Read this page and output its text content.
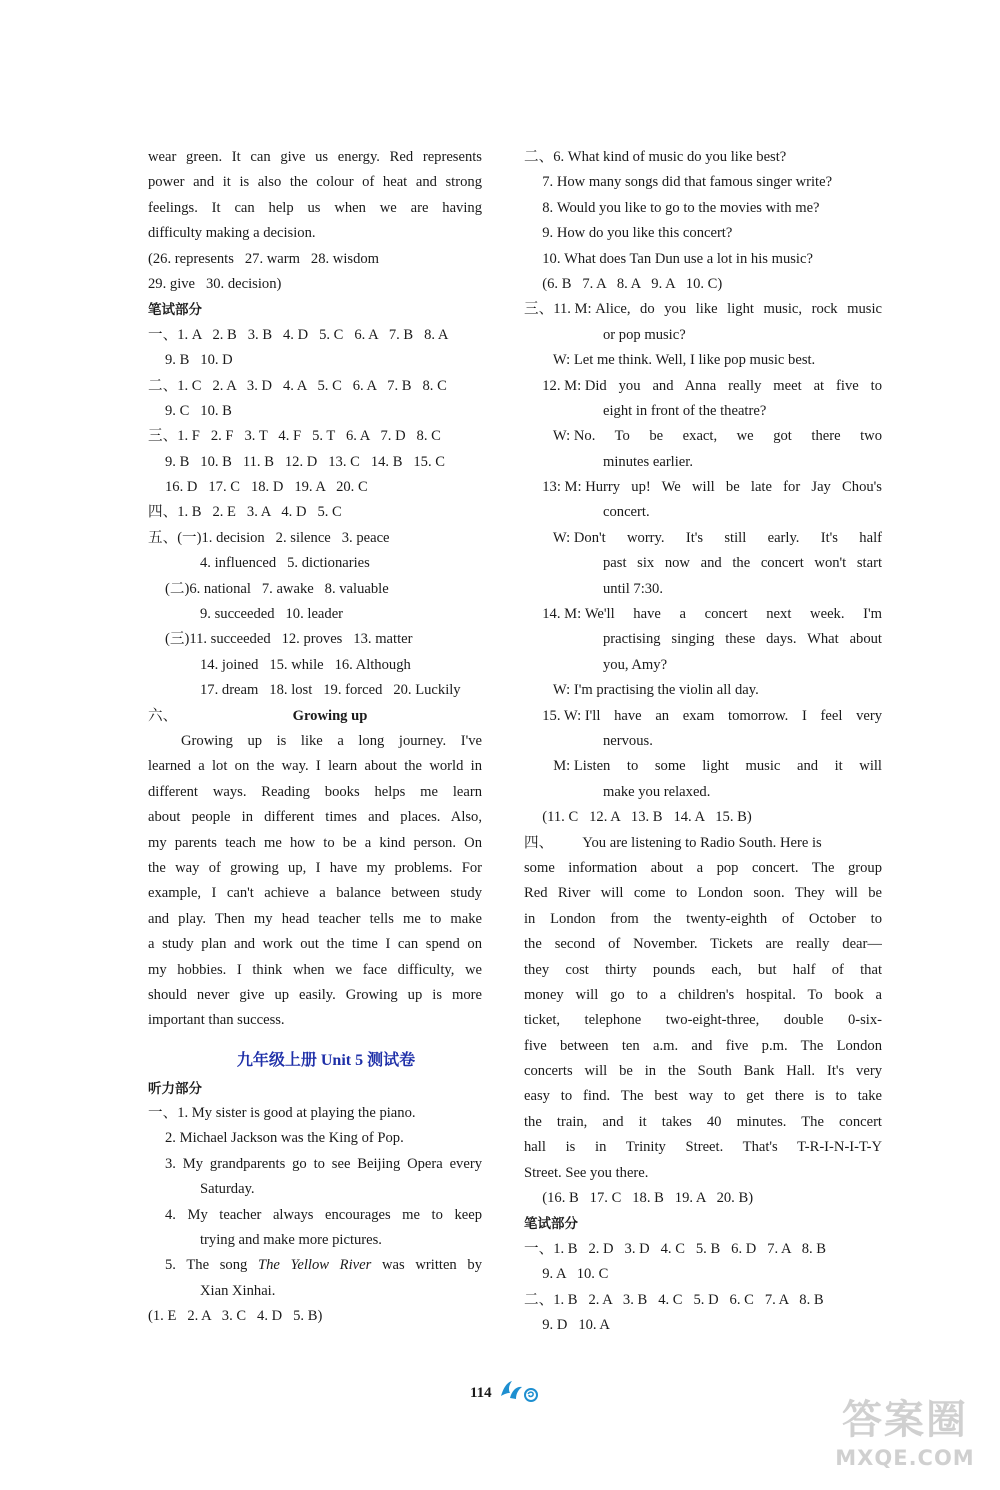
wear green. It can give us energy. Red represents
power and it is also the colour of heat and strong
feelings. It can help us when we are having
difficulty making a decision.
(26. represents   27. warm   28. wisdom
29. give   30. decision)
笔试部分
一、1. A   2. B   3. B   4. D   5. C   6. A   7. B   8. A
9. B   10. D
二、1. C   2. A   3. D   4. A   5. C   6. A   7. B   8. C
9. C   10. B
三、1. F   2. F   3. T   4. F   5. T   6. A   7. D   8. C
9. B   10. B   11. B   12. D   13. C   14. B   15. C
16. D   17. C   18. D   19. A   20. C
四、1. B   2. E   3. A   4. D   5. C
五、(一)1. decision   2. silence   3. peace
4. influenced   5. dictionaries
(二)6. national   7. awake   8. valuable
9. succeeded   10. leader
(三)11. succeeded   12. proves   13. matter
14. joined   15. while   16. Although
17. dream   18. lost   19. forced   20. Luckily
六、	Growing up
Growing up is like a long journey. I've
learned a lot on the way. I learn about the world in
different ways. Reading books helps me learn
about people in different times and places. Also,
my parents teach me how to be a kind person. On
the way of growing up, I have my problems. For
example, I can't achieve a balance between study
and play. Then my head teacher tells me to make
a study plan and work out the time I can spend on
my hobbies. I think when we face difficulty, we
should never give up easily. Growing up is more
important than success.
九年级上册 Unit 5 测试卷
听力部分
一、1. My sister is good at playing the piano.
2. Michael Jackson was the King of Pop.
3. My grandparents go to see Beijing Opera every
Saturday.
4. My teacher always encourages me to keep
trying and make more pictures.
5. The song The Yellow River was written by
Xian Xinhai.
(1. E   2. A   3. C   4. D   5. B)
二、6. What kind of music do you like best?
7. How many songs did that famous singer write?
8. Would you like to go to the movies with me?
9. How do you like this concert?
10. What does Tan Dun use a lot in his music?
(6. B   7. A   8. A   9. A   10. C)
三、11. M: Alice, do you like light music, rock music
or pop music?
W: Let me think. Well, I like pop music best.
12. M: Did you and Anna really meet at five to
eight in front of the theatre?
W: No. To be exact, we got there two
minutes earlier.
13: M: Hurry up! We will be late for Jay Chou's
concert.
W: Don't worry. It's still early. It's half
past six now and the concert won't start
until 7:30.
14. M: We'll have a concert next week. I'm
practising singing these days. What about
you, Amy?
W: I'm practising the violin all day.
15. W: I'll have an exam tomorrow. I feel very
nervous.
M: Listen to some light music and it will
make you relaxed.
(11. C   12. A   13. B   14. A   15. B)
四、 You are listening to Radio South. Here is
some information about a pop concert. The group
Red River will come to London soon. They will be
in London from the twenty-eighth of October to
the second of November. Tickets are really dear—
they cost thirty pounds each, but half of that
money will go to a children's hospital. To book a
ticket, telephone two-eight-three, double 0-six-
five between ten a.m. and five p.m. The London
concerts will be in the South Bank Hall. It's very
easy to find. The best way to get there is to take
the train, and it takes 40 minutes. The concert
hall is in Trinity Street. That's T-R-I-N-I-T-Y
Street. See you there.
(16. B   17. C   18. B   19. A   20. B)
笔试部分
一、1. B   2. D   3. D   4. C   5. B   6. D   7. A   8. B
9. A   10. C
二、1. B   2. A   3. B   4. C   5. D   6. C   7. A   8. B
9. D   10. A
114
答案圈
MXQE.COM
